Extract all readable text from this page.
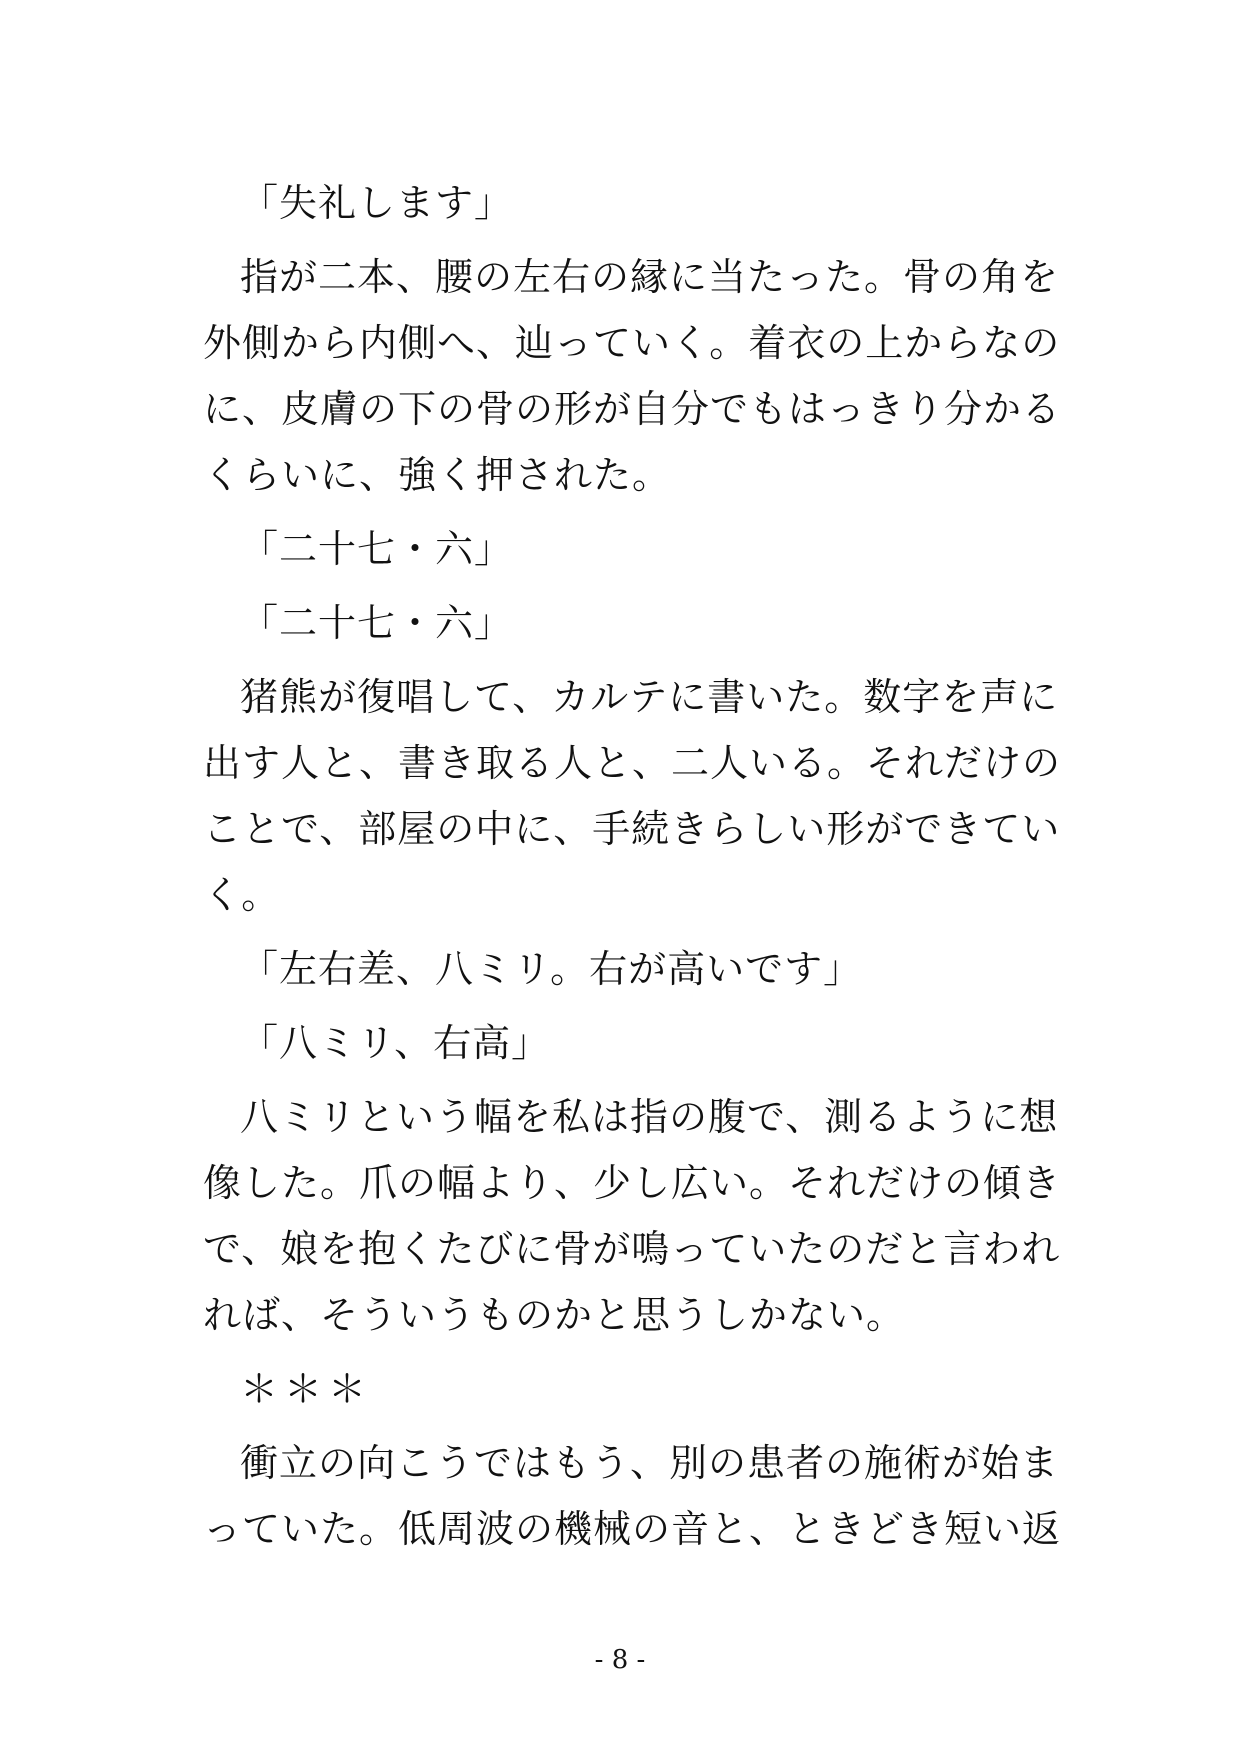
「失礼します」

指が二本、腰の左右の縁に当たった。骨の角を外側から内側へ、辿っていく。着衣の上からなのに、皮膚の下の骨の形が自分でもはっきり分かるくらいに、強く押された。

「二十七・六」

「二十七・六」

猪熊が復唱して、カルテに書いた。数字を声に出す人と、書き取る人と、二人いる。それだけのことで、部屋の中に、手続きらしい形ができていく。

「左右差、八ミリ。右が高いです」

「八ミリ、右高」

八ミリという幅を私は指の腹で、測るように想像した。爪の幅より、少し広い。それだけの傾きで、娘を抱くたびに骨が鳴っていたのだと言われれば、そういうものかと思うしかない。

＊＊＊

衝立の向こうではもう、別の患者の施術が始まっていた。低周波の機械の音と、ときどき短い返

- 8 -
